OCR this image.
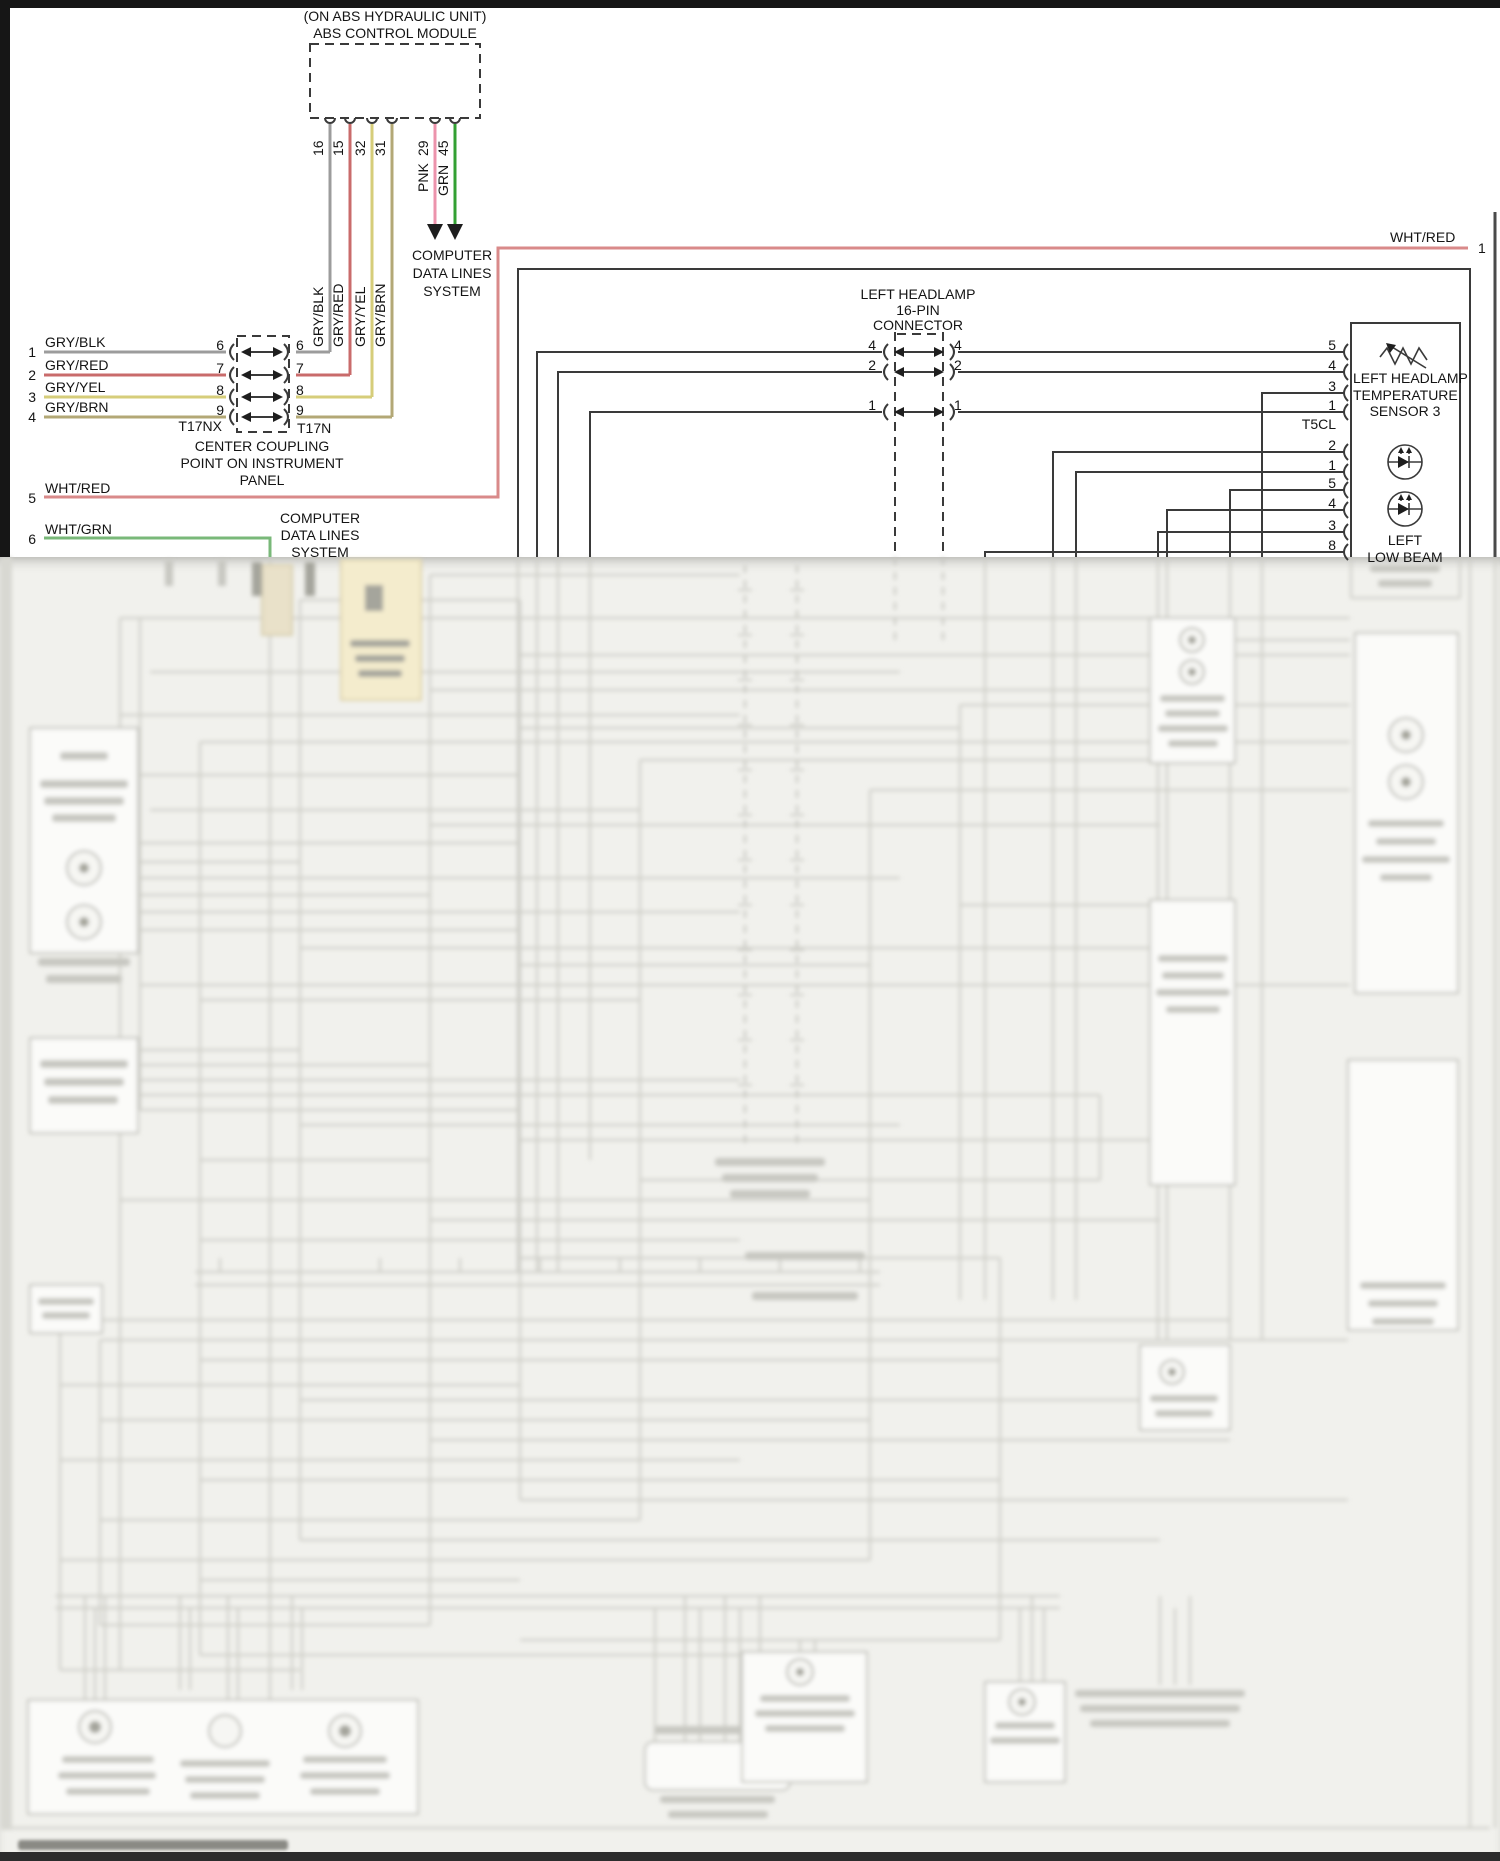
(ON ABS HYDRAULIC UNIT)
ABS CONTROL MODULE
16 15 32 31 29 45
GRY/BLK GRY/RED GRY/YEL GRY/BRN
PNK GRN
COMPUTER
DATA LINES
SYSTEM
1
2
3
4
GRY/BLK
GRY/RED
GRY/YEL
GRY/BRN
6
7
8
9
6
7
8
9
T17NX	T17N
CENTER COUPLING
POINT ON INSTRUMENT
PANEL
5
WHT/RED
6
WHT/GRN
COMPUTER
DATA LINES
SYSTEM
LEFT HEADLAMP
16-PIN
CONNECTOR
4	4
2	2
1	1
WHT/RED
1
LEFT HEADLAMP
TEMPERATURE
SENSOR 3
LEFT
LOW BEAM
T5CL
5
4
3
1
2
1
5
4
3
8
